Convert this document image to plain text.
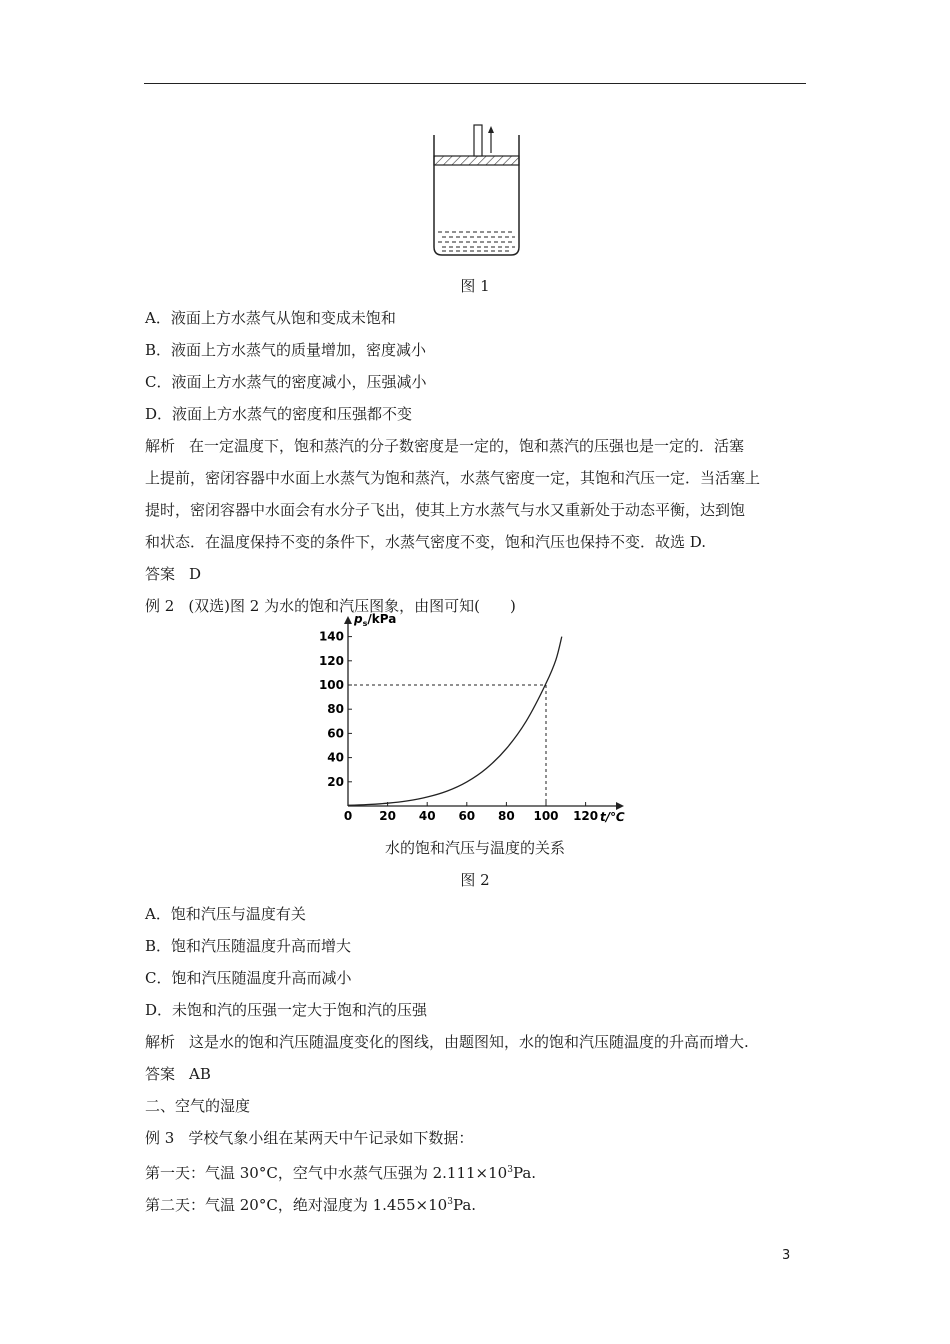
图 1
A．液面上方水蒸气从饱和变成未饱和
B．液面上方水蒸气的质量增加，密度减小
C．液面上方水蒸气的密度减小，压强减小
D．液面上方水蒸气的密度和压强都不变
解析 在一定温度下，饱和蒸汽的分子数密度是一定的，饱和蒸汽的压强也是一定的．活塞
上提前，密闭容器中水面上水蒸气为饱和蒸汽，水蒸气密度一定，其饱和汽压一定．当活塞上
提时，密闭容器中水面会有水分子飞出，使其上方水蒸气与水又重新处于动态平衡，达到饱
和状态．在温度保持不变的条件下，水蒸气密度不变，饱和汽压也保持不变．故选 D.
答案 D
例 2 (双选)图 2 为水的饱和汽压图象，由图可知(　　)
0 20 40 60 80 100 120
20
40
60
80
100
120
140
t/℃
$p_s$/kPa
水的饱和汽压与温度的关系
图 2
A．饱和汽压与温度有关
B．饱和汽压随温度升高而增大
C．饱和汽压随温度升高而减小
D．未饱和汽的压强一定大于饱和汽的压强
解析 这是水的饱和汽压随温度变化的图线，由题图知，水的饱和汽压随温度的升高而增大.
答案 AB
二、空气的湿度
例 3 学校气象小组在某两天中午记录如下数据：
第一天：气温 30°C，空气中水蒸气压强为 $2.111\times 10^3Pa$.
第二天：气温 20°C，绝对湿度为 $1.455\times 10^3Pa$.
3
